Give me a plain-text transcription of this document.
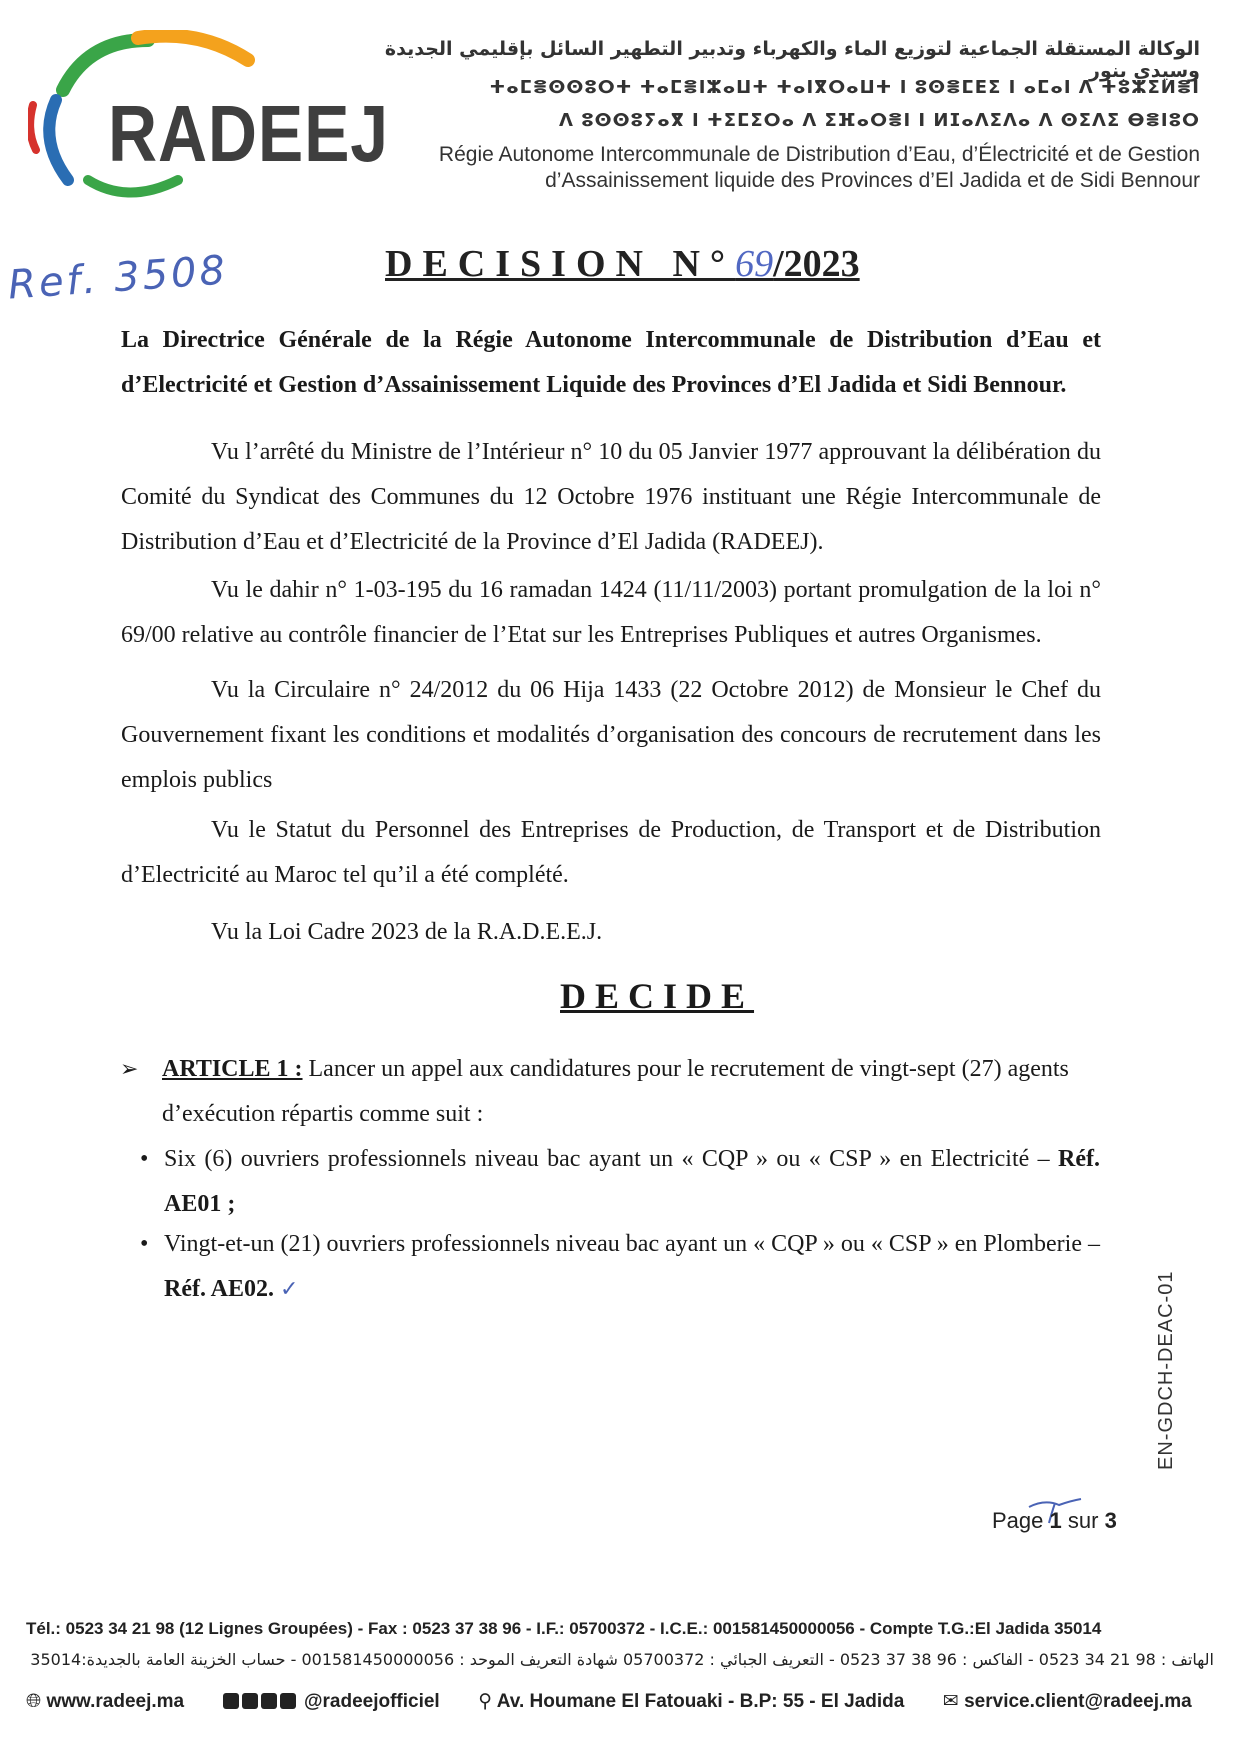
RADEEJ
الوكالة المستقلة الجماعية لتوزيع الماء والكهرباء وتدبير التطهير السائل بإقليمي الجديدة وسيدي بنور
ⵜⴰⵎⴻⵙⵙⵓⵔⵜ ⵜⴰⵎⴻⵏⵣⴰⵡⵜ ⵜⴰⵏⴳⵔⴰⵡⵜ ⵏ ⵓⵙⴻⵎⴹⵉ ⵏ ⴰⵎⴰⵏ ⴷ ⵜⵓⵣⵉⵍⴻⵏ
ⴷ ⵓⵙⵙⵓⵢⴰⴳ ⵏ ⵜⵉⵎⵉⵔⴰ ⴷ ⵉⴼⴰⵔⴻⵏ ⵏ ⵍⵊⴰⴷⵉⴷⴰ ⴷ ⵙⵉⴷⵉ ⴱⴻⵏⵓⵔ
Régie Autonome Intercommunale de Distribution d’Eau, d’Électricité et de Gestion
d’Assainissement liquide des Provinces d’El Jadida et de Sidi Bennour
Ref. 3508	DECISION N°69/2023
La Directrice Générale de la Régie Autonome Intercommunale de Distribution d’Eau et d’Electricité et Gestion d’Assainissement Liquide des Provinces d’El Jadida et Sidi Bennour.
Vu l’arrêté du Ministre de l’Intérieur n° 10 du 05 Janvier 1977 approuvant la délibération du Comité du Syndicat des Communes du 12 Octobre 1976 instituant une Régie Intercommunale de Distribution d’Eau et d’Electricité de la Province d’El Jadida (RADEEJ).
Vu le dahir n° 1-03-195 du 16 ramadan 1424 (11/11/2003) portant promulgation de la loi n° 69/00 relative au contrôle financier de l’Etat sur les Entreprises Publiques et autres Organismes.
Vu la Circulaire n° 24/2012 du 06 Hija 1433 (22 Octobre 2012) de Monsieur le Chef du Gouvernement fixant les conditions et modalités d’organisation des concours de recrutement dans les emplois publics
Vu le Statut du Personnel des Entreprises de Production, de Transport et de Distribution d’Electricité au Maroc tel qu’il a été complété.
Vu la Loi Cadre 2023 de la R.A.D.E.E.J.
DECIDE
➢ ARTICLE 1 : Lancer un appel aux candidatures pour le recrutement de vingt-sept (27) agents d’exécution répartis comme suit :
• Six (6) ouvriers professionnels niveau bac ayant un « CQP » ou « CSP » en Electricité – Réf. AE01 ;
• Vingt-et-un (21) ouvriers professionnels niveau bac ayant un « CQP » ou « CSP » en Plomberie – Réf. AE02. ✓	EN-GDCH-DEAC-01
Page 1 sur 3
Tél.: 0523 34 21 98 (12 Lignes Groupées) - Fax : 0523 37 38 96 - I.F.: 05700372 - I.C.E.: 001581450000056 - Compte T.G.:El Jadida 35014
الهاتف : 98 21 34 0523 - الفاكس : 96 38 37 0523 - التعريف الجبائي : 05700372 شهادة التعريف الموحد : 001581450000056 - حساب الخزينة العامة بالجديدة:35014
🌐︎ www.radeej.ma	@radeejofficiel ⚲ Av. Houmane El Fatouaki - B.P: 55 - El Jadida ✉ service.client@radeej.ma
